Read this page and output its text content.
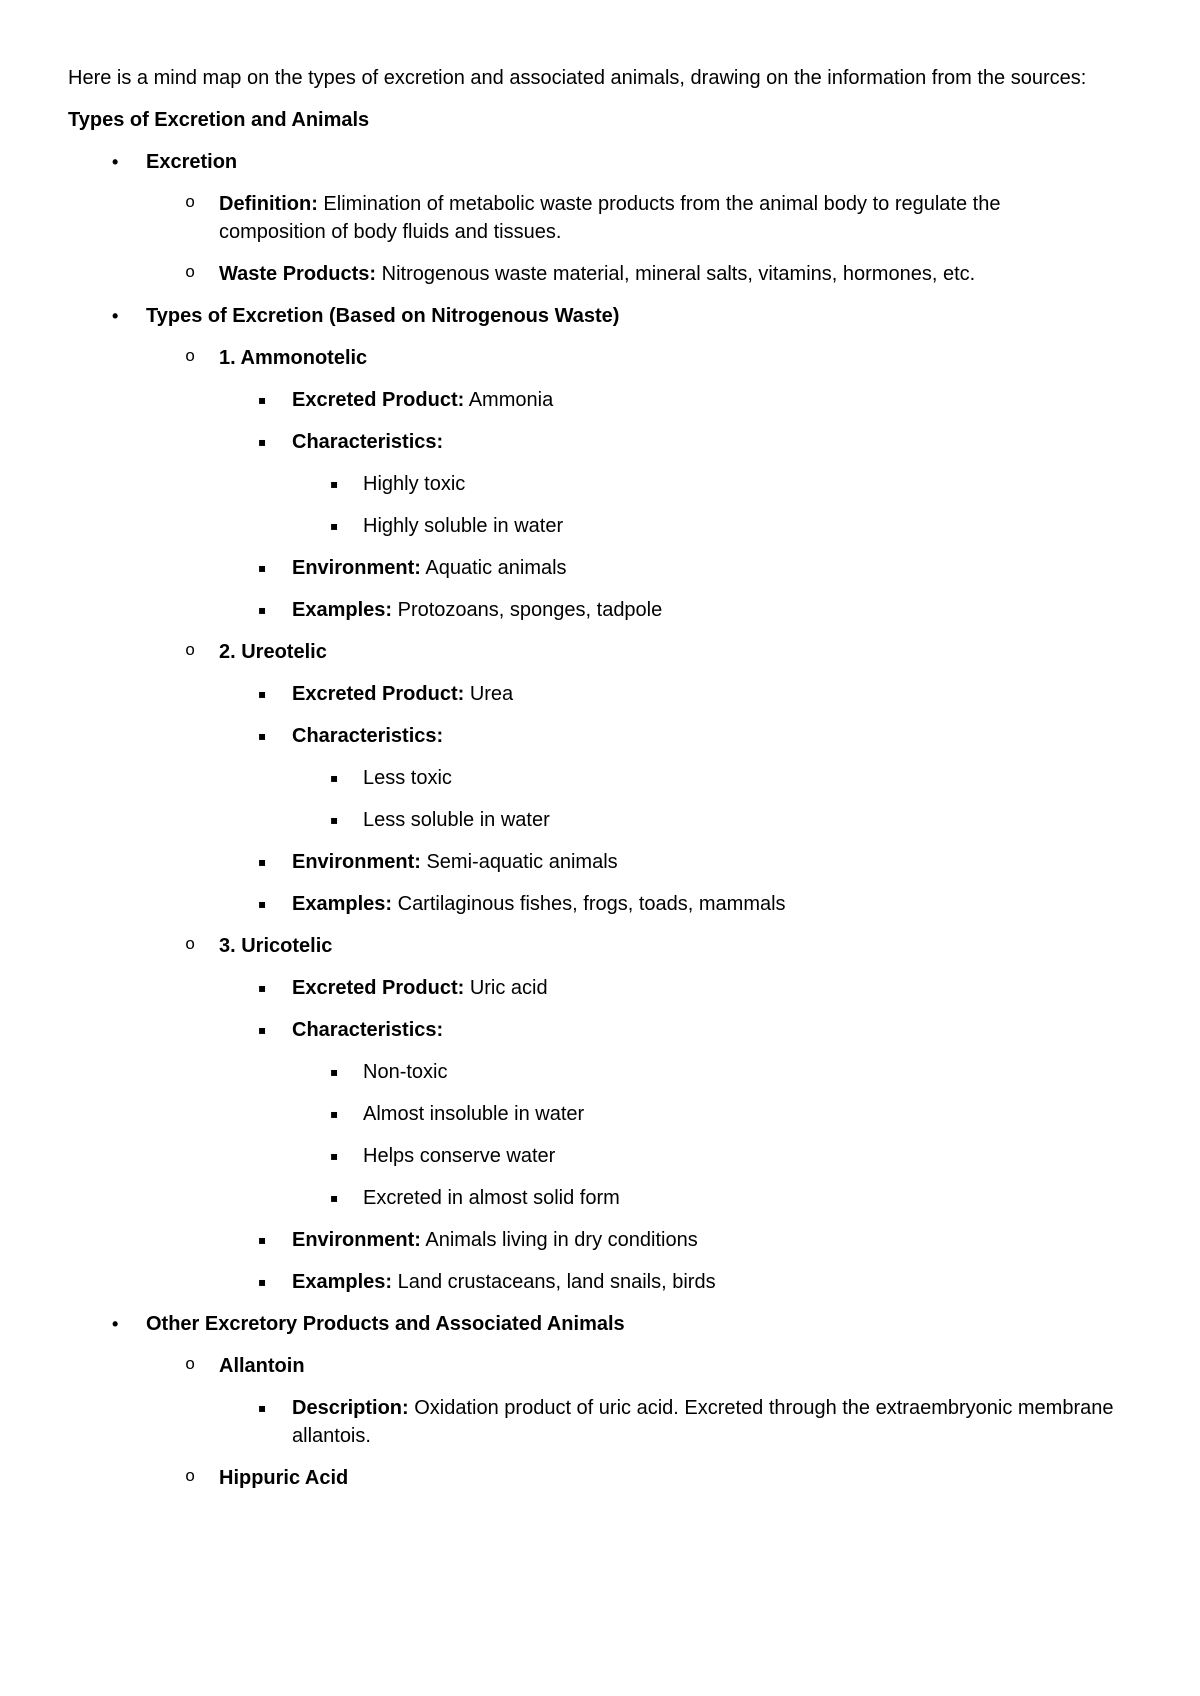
Here is a mind map on the types of excretion and associated animals, drawing on the information from the sources:

Types of Excretion and Animals

• Excretion
o Definition: Elimination of metabolic waste products from the animal body to regulate the composition of body fluids and tissues.
o Waste Products: Nitrogenous waste material, mineral salts, vitamins, hormones, etc.
• Types of Excretion (Based on Nitrogenous Waste)
o 1. Ammonotelic
▪ Excreted Product: Ammonia
▪ Characteristics:
▪ Highly toxic
▪ Highly soluble in water
▪ Environment: Aquatic animals
▪ Examples: Protozoans, sponges, tadpole
o 2. Ureotelic
▪ Excreted Product: Urea
▪ Characteristics:
▪ Less toxic
▪ Less soluble in water
▪ Environment: Semi-aquatic animals
▪ Examples: Cartilaginous fishes, frogs, toads, mammals
o 3. Uricotelic
▪ Excreted Product: Uric acid
▪ Characteristics:
▪ Non-toxic
▪ Almost insoluble in water
▪ Helps conserve water
▪ Excreted in almost solid form
▪ Environment: Animals living in dry conditions
▪ Examples: Land crustaceans, land snails, birds
• Other Excretory Products and Associated Animals
o Allantoin
▪ Description: Oxidation product of uric acid. Excreted through the extraembryonic membrane allantois.
o Hippuric Acid
